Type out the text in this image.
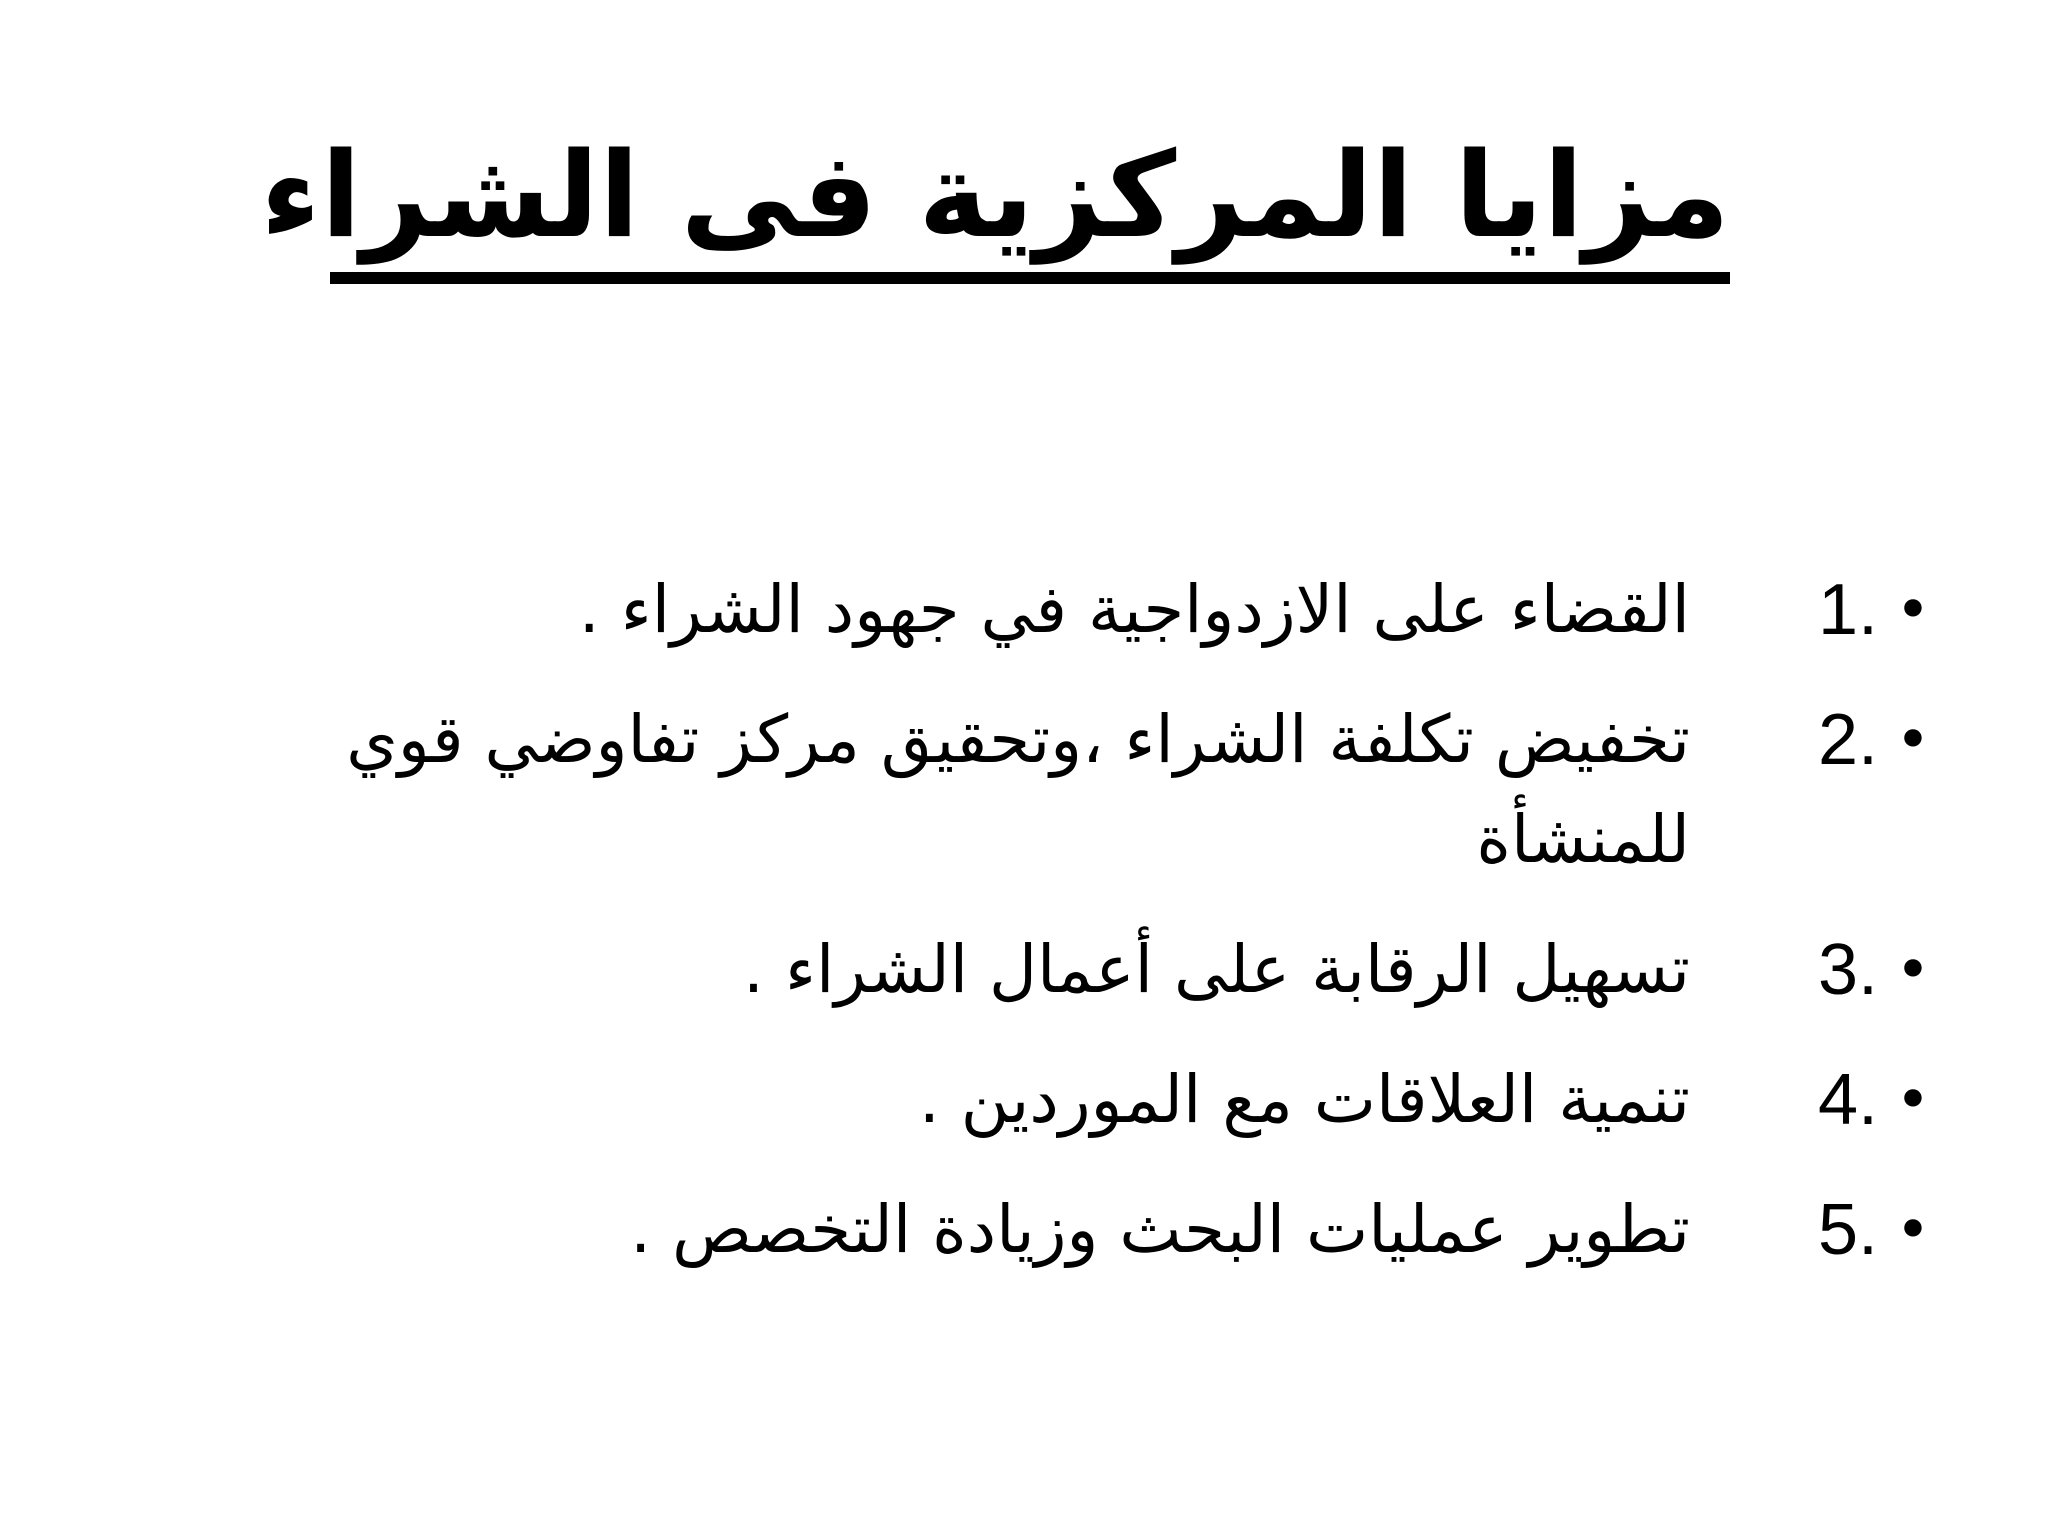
مزايا المركزية فى الشراء
•
1.
القضاء على الازدواجية في جهود الشراء .
•
2.
تخفيض تكلفة الشراء ،وتحقيق مركز تفاوضي قوي للمنشأة
•
3.
تسهيل الرقابة على أعمال الشراء .
•
4.
تنمية العلاقات مع الموردين .
•
5.
تطوير عمليات البحث وزيادة التخصص .
